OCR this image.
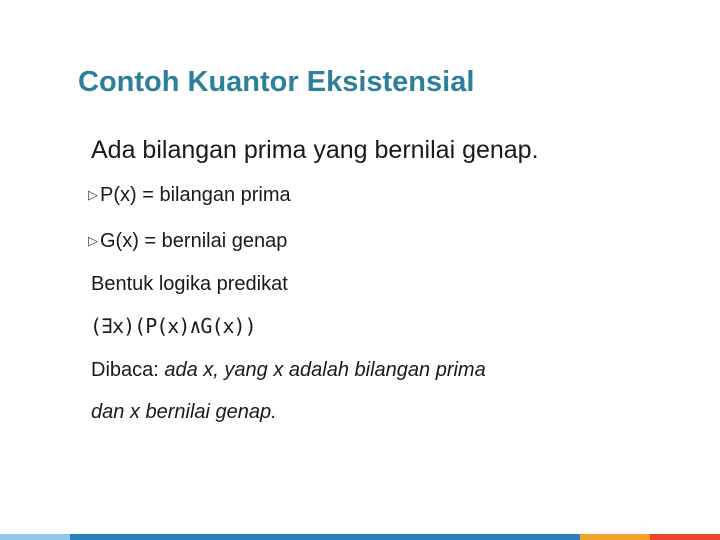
Contoh Kuantor Eksistensial
Ada bilangan prima yang bernilai genap.
▷ P(x) = bilangan prima
▷ G(x) = bernilai genap
Bentuk logika predikat
(∃x)(P(x)∧G(x))
Dibaca: ada x, yang x adalah bilangan prima
dan x bernilai genap.
